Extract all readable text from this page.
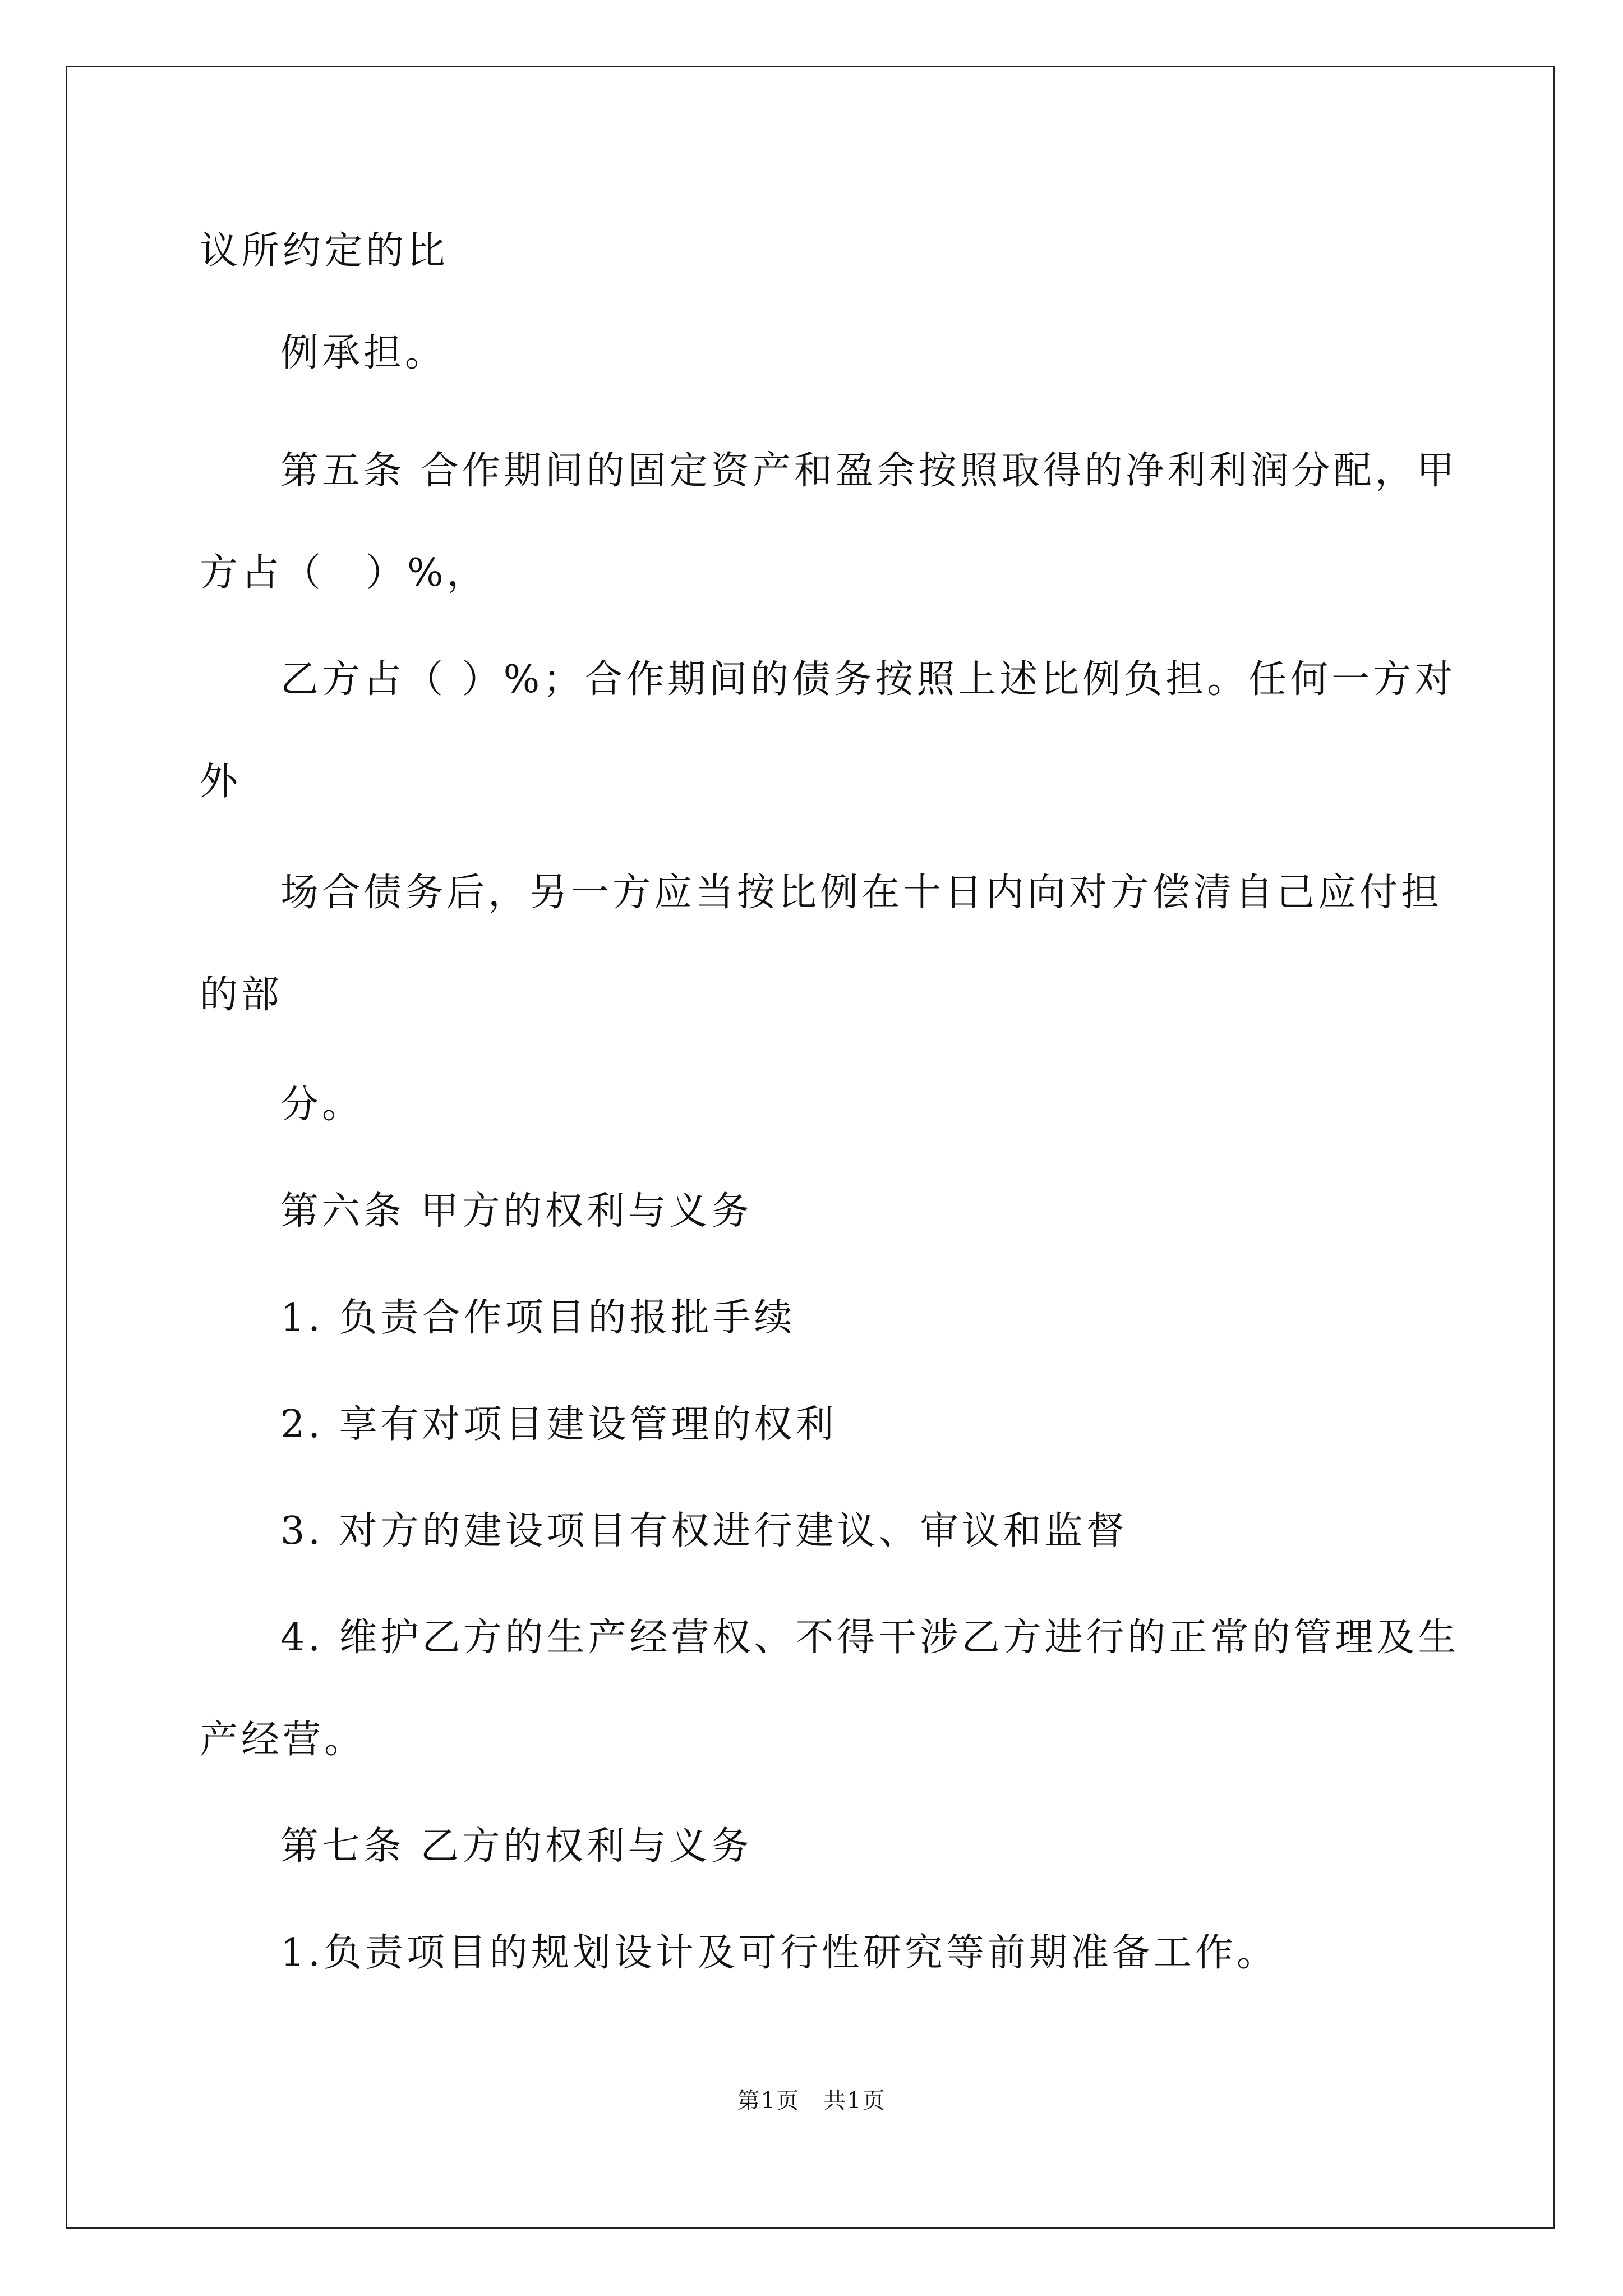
议所约定的比
例承担。
第五条 合作期间的固定资产和盈余按照取得的净利利润分配，甲
方占（　）%，
乙方占（ ）%；合作期间的债务按照上述比例负担。任何一方对
外
场合债务后，另一方应当按比例在十日内向对方偿清自己应付担
的部
分。
第六条 甲方的权利与义务
1. 负责合作项目的报批手续
2. 享有对项目建设管理的权利
3. 对方的建设项目有权进行建议、审议和监督
4. 维护乙方的生产经营权、不得干涉乙方进行的正常的管理及生
产经营。
第七条 乙方的权利与义务
1.负责项目的规划设计及可行性研究等前期准备工作。
第1页　共1页
